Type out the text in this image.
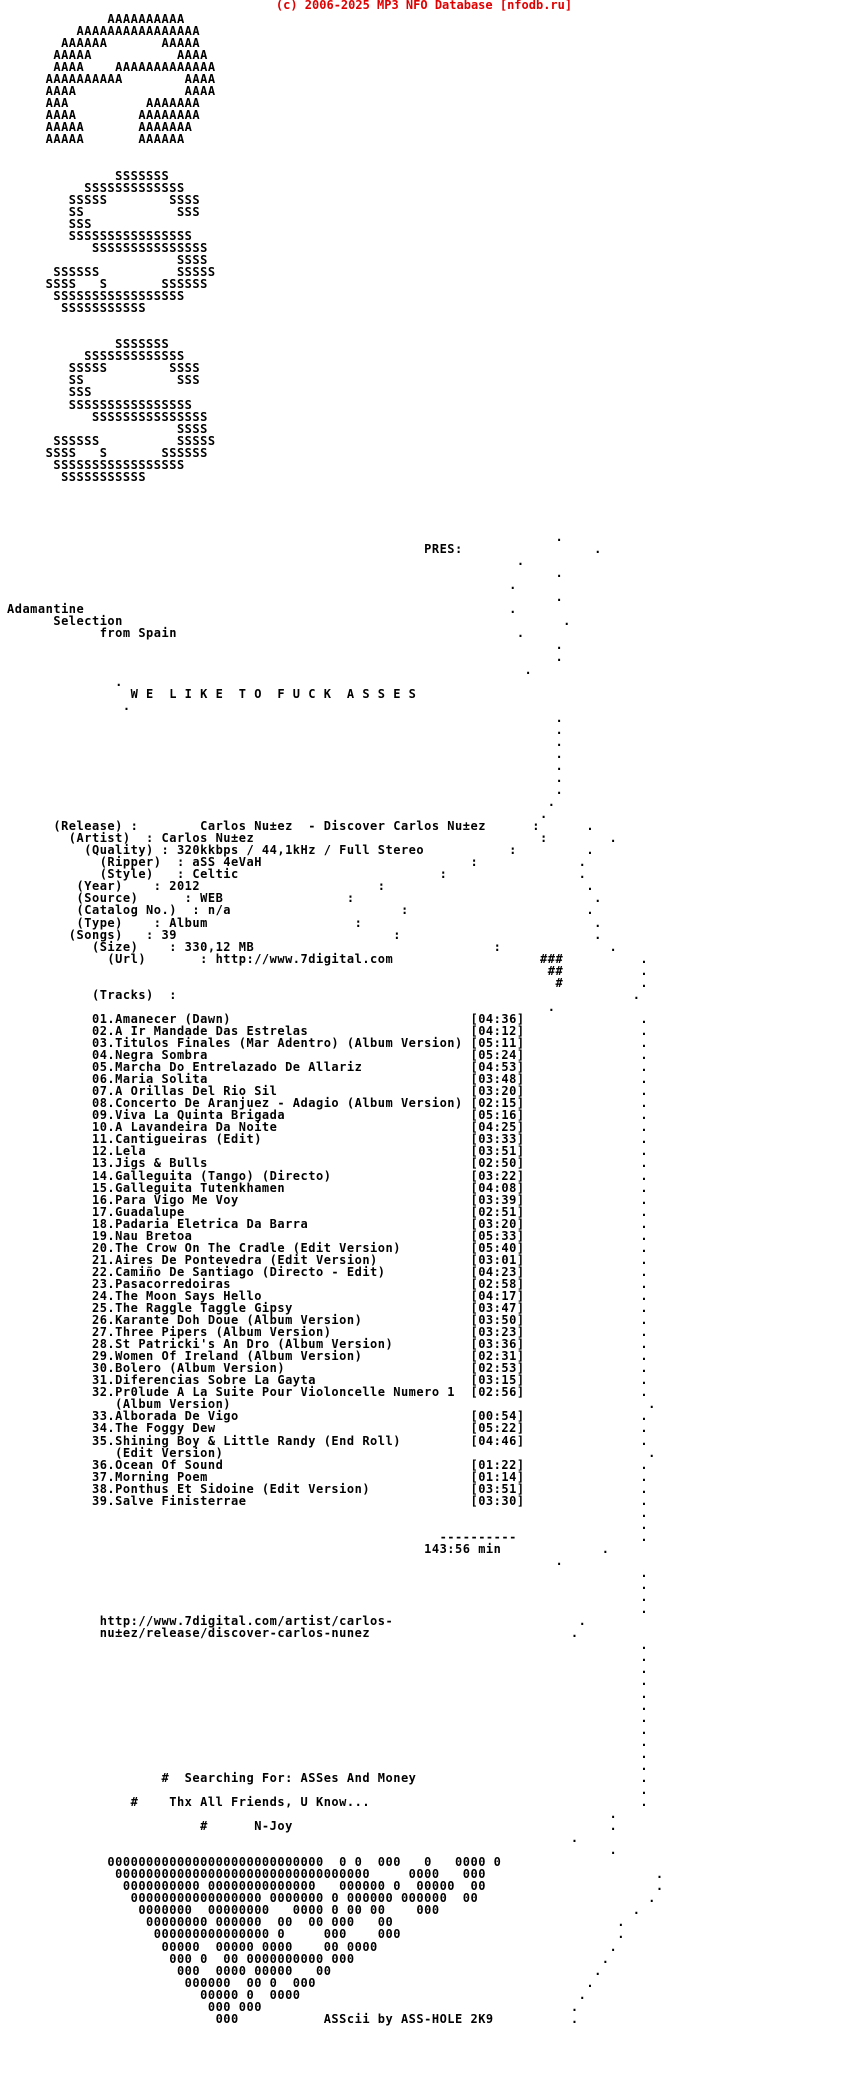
(c) 2006-2025 MP3 NFO Database [nfodb.ru]
AAAAAAAAAA
AAAAAAAAAAAAAAAA
AAAAAA       AAAAA
AAAAA           AAAA
AAAA    AAAAAAAAAAAAA
AAAAAAAAAA        AAAA
AAAA              AAAA
AAA          AAAAAAA
AAAA        AAAAAAAA
AAAAA       AAAAAAA
AAAAA       AAAAAA

SSSSSSS
SSSSSSSSSSSSS
SSSSS        SSSS
SS            SSS
SSS
SSSSSSSSSSSSSSSS
SSSSSSSSSSSSSSS
SSSS
SSSSSS          SSSSS
SSSS   S       SSSSSS
SSSSSSSSSSSSSSSSS
SSSSSSSSSSS

SSSSSSS
SSSSSSSSSSSSS
SSSSS        SSSS
SS            SSS
SSS
SSSSSSSSSSSSSSSS
SSSSSSSSSSSSSSS
SSSS
SSSSSS          SSSSS
SSSS   S       SSSSSS
SSSSSSSSSSSSSSSSS
SSSSSSSSSSS

.
PRES:                 .
.
.
.
.
Adamantine                                                       .
Selection                                                         .
from Spain                                            .
.
.
.
.
W E  L I K E  T O  F U C K  A S S E S
.
.
.
.
.
.
.
.
.
.
(Release) :        Carlos Nu±ez  - Discover Carlos Nu±ez      :      .
(Artist)  : Carlos Nu±ez                                     :        .
(Quality) : 320kkbps / 44,1kHz / Full Stereo           :         .
(Ripper)  : aSS 4eVaH                           :             .
(Style)   : Celtic                          :                 .
(Year)    : 2012                       :                          .
(Source)      : WEB                :                               .
(Catalog No.)  : n/a                      :                       .
(Type)    : Album                   :                              .
(Songs)   : 39                            :                         .
(Size)    : 330,12 MB                               :              .
(Url)       : http://www.7digital.com                   ###          .
##          .
#          .
(Tracks)  :                                                           .
.
01.Amanecer (Dawn)                               [04:36]               .
02.A Ir Mandade Das Estrelas                     [04:12]               .
03.Titulos Finales (Mar Adentro) (Album Version) [05:11]               .
04.Negra Sombra                                  [05:24]               .
05.Marcha Do Entrelazado De Allariz              [04:53]               .
06.Maria Solita                                  [03:48]               .
07.A Orillas Del Rio Sil                         [03:20]               .
08.Concerto De Aranjuez - Adagio (Album Version) [02:15]               .
09.Viva La Quinta Brigada                        [05:16]               .
10.A Lavandeira Da Noite                         [04:25]               .
11.Cantigueiras (Edit)                           [03:33]               .
12.Lela                                          [03:51]               .
13.Jigs & Bulls                                  [02:50]               .
14.Galleguita (Tango) (Directo)                  [03:22]               .
15.Galleguita Tutenkhamen                        [04:08]               .
16.Para Vigo Me Voy                              [03:39]               .
17.Guadalupe                                     [02:51]               .
18.Padaria Eletrica Da Barra                     [03:20]               .
19.Nau Bretoa                                    [05:33]               .
20.The Crow On The Cradle (Edit Version)         [05:40]               .
21.Aires De Pontevedra (Edit Version)            [03:01]               .
22.Camiño De Santiago (Directo - Edit)           [04:23]               .
23.Pasacorredoiras                               [02:58]               .
24.The Moon Says Hello                           [04:17]               .
25.The Raggle Taggle Gipsy                       [03:47]               .
26.Karante Doh Doue (Album Version)              [03:50]               .
27.Three Pipers (Album Version)                  [03:23]               .
28.St Patricki's An Dro (Album Version)          [03:36]               .
29.Women Of Ireland (Album Version)              [02:31]               .
30.Bolero (Album Version)                        [02:53]               .
31.Diferencias Sobre La Gayta                    [03:15]               .
32.Pr0lude A La Suite Pour Violoncelle Numero 1  [02:56]               .
(Album Version)                                                      .
33.Alborada De Vigo                              [00:54]               .
34.The Foggy Dew                                 [05:22]               .
35.Shining Boy & Little Randy (End Roll)         [04:46]               .
(Edit Version)                                                       .
36.Ocean Of Sound                                [01:22]               .
37.Morning Poem                                  [01:14]               .
38.Ponthus Et Sidoine (Edit Version)             [03:51]               .
39.Salve Finisterrae                             [03:30]               .
.
.
----------                .
143:56 min             .
.
.
.
.
.
http://www.7digital.com/artist/carlos-                        .
nu±ez/release/discover-carlos-nunez                          .
.
.
.
.
.
.
.
.
.
.
.
#  Searching For: ASSes And Money                             .
.
#    Thx All Friends, U Know...                                   .
.
#      N-Joy                                         .
.
.
0000000000000000000000000000  0 0  000   0   0000 0
000000000000000000000000000000000     0000   000                      .
0000000000 00000000000000   000000 0  00000  00                      .
00000000000000000 0000000 0 000000 000000  00                      .
0000000  00000000   0000 0 00 00    000                         .
00000000 000000  00  00 000   00                             .
000000000000000 0     000    000                            .
00000  00000 0000    00 0000                              .
000 0  00 0000000000 000                                .
000  0000 00000   00                                  .
000000  00 0  000                                   .
00000 0  0000                                    .
000 000                                        .
000           ASScii by ASS-HOLE 2K9          .
